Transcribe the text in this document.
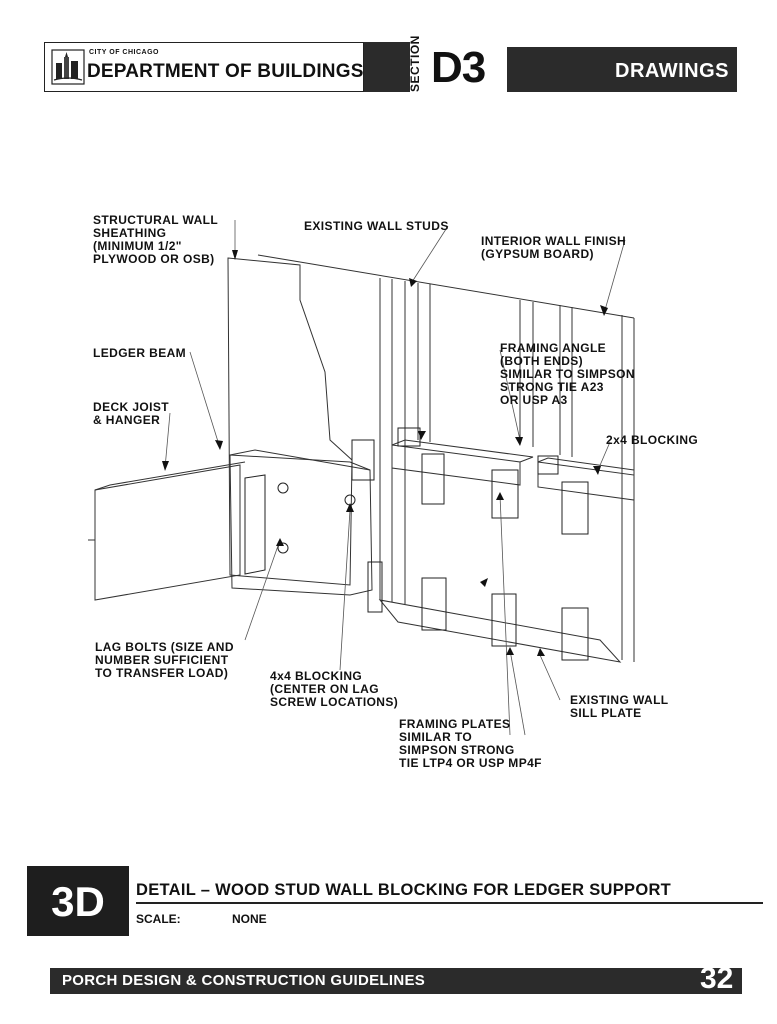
CITY OF CHICAGO
DEPARTMENT OF BUILDINGS	SECTION D3	DRAWINGS
STRUCTURAL WALL
SHEATHING
(MINIMUM 1/2"
PLYWOOD OR OSB)
EXISTING WALL STUDS
INTERIOR WALL FINISH
(GYPSUM BOARD)
LEDGER BEAM	FRAMING ANGLE
(BOTH ENDS)
SIMILAR TO SIMPSON
STRONG TIE A23
OR USP A3
DECK JOIST
& HANGER
2x4 BLOCKING
LAG BOLTS (SIZE AND
NUMBER SUFFICIENT
TO TRANSFER LOAD)	4x4 BLOCKING
(CENTER ON LAG
SCREW LOCATIONS)	EXISTING WALL
SILL PLATE
FRAMING PLATES
SIMILAR TO
SIMPSON STRONG
TIE LTP4 OR USP MP4F
3D	DETAIL – WOOD STUD WALL BLOCKING FOR LEDGER SUPPORT
SCALE:	NONE
PORCH DESIGN & CONSTRUCTION GUIDELINES	32 PAGE
